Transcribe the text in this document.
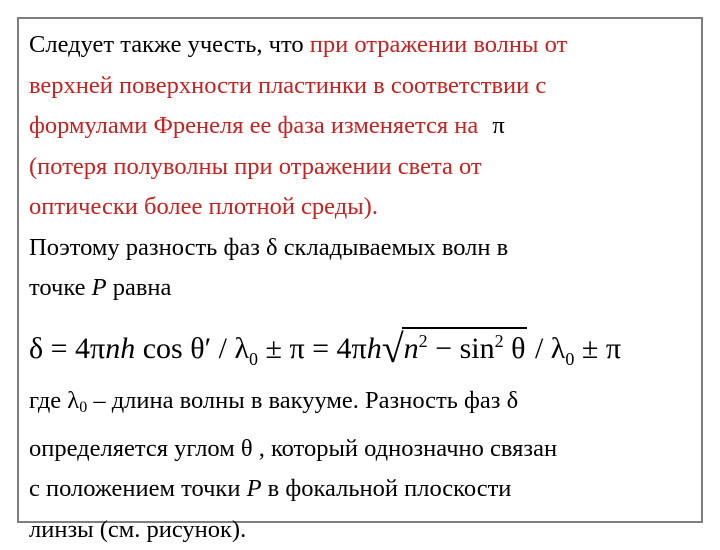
Следует также учесть, что при отражении волны от
верхней поверхности пластинки в соответствии с
формулами Френеля ее фаза изменяется на π
(потеря полуволны при отражении света от
оптически более плотной среды).
Поэтому разность фаз δ складываемых волн в
точке P равна
δ = 4πnh $\cos \theta' / \lambda_0 \pm \pi = 4\pi h√n^2 - \sin^2 \theta / \lambda_0 \pm \pi$
где λ0 – длина волны в вакууме. Разность фаз δ
определяется углом θ , который однозначно связан
с положением точки P в фокальной плоскости
линзы (см. рисунок).
